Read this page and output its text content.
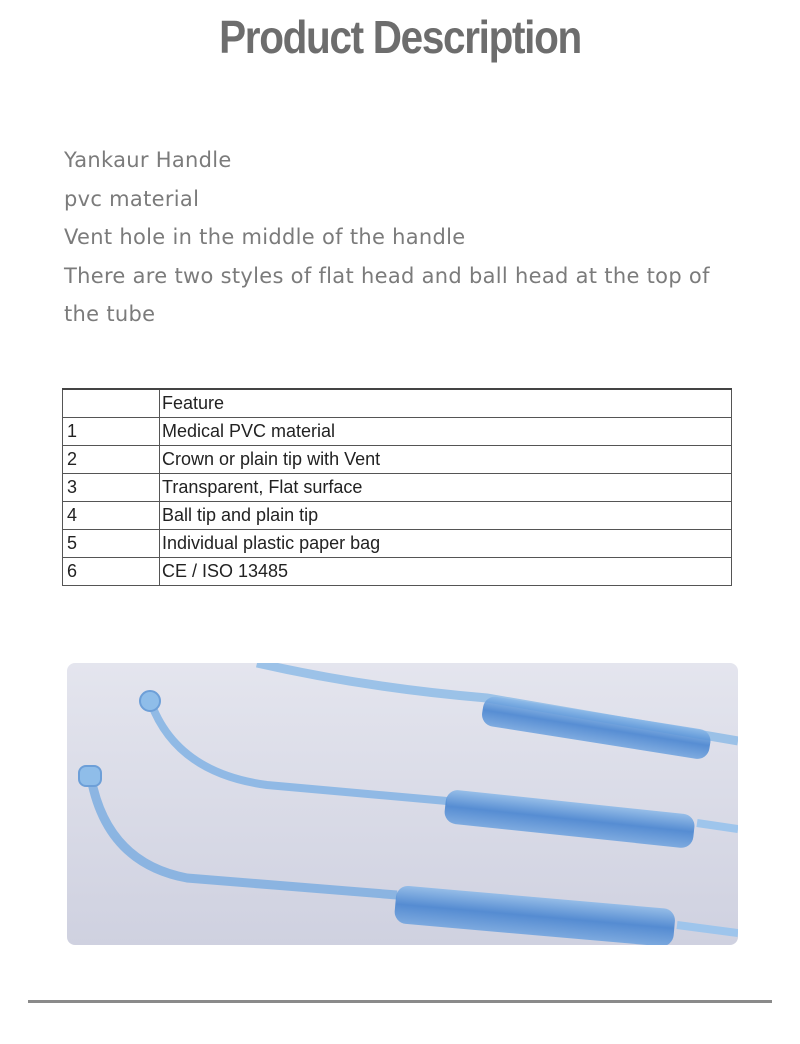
Product Description
Yankaur Handle
pvc material
Vent hole in the middle of the handle
There are two styles of flat head and ball head at the top of the tube
	Feature
1	Medical PVC material
2	Crown or plain tip with Vent
3	Transparent, Flat surface
4	Ball tip and plain tip
5	Individual plastic paper bag
6	CE / ISO 13485
